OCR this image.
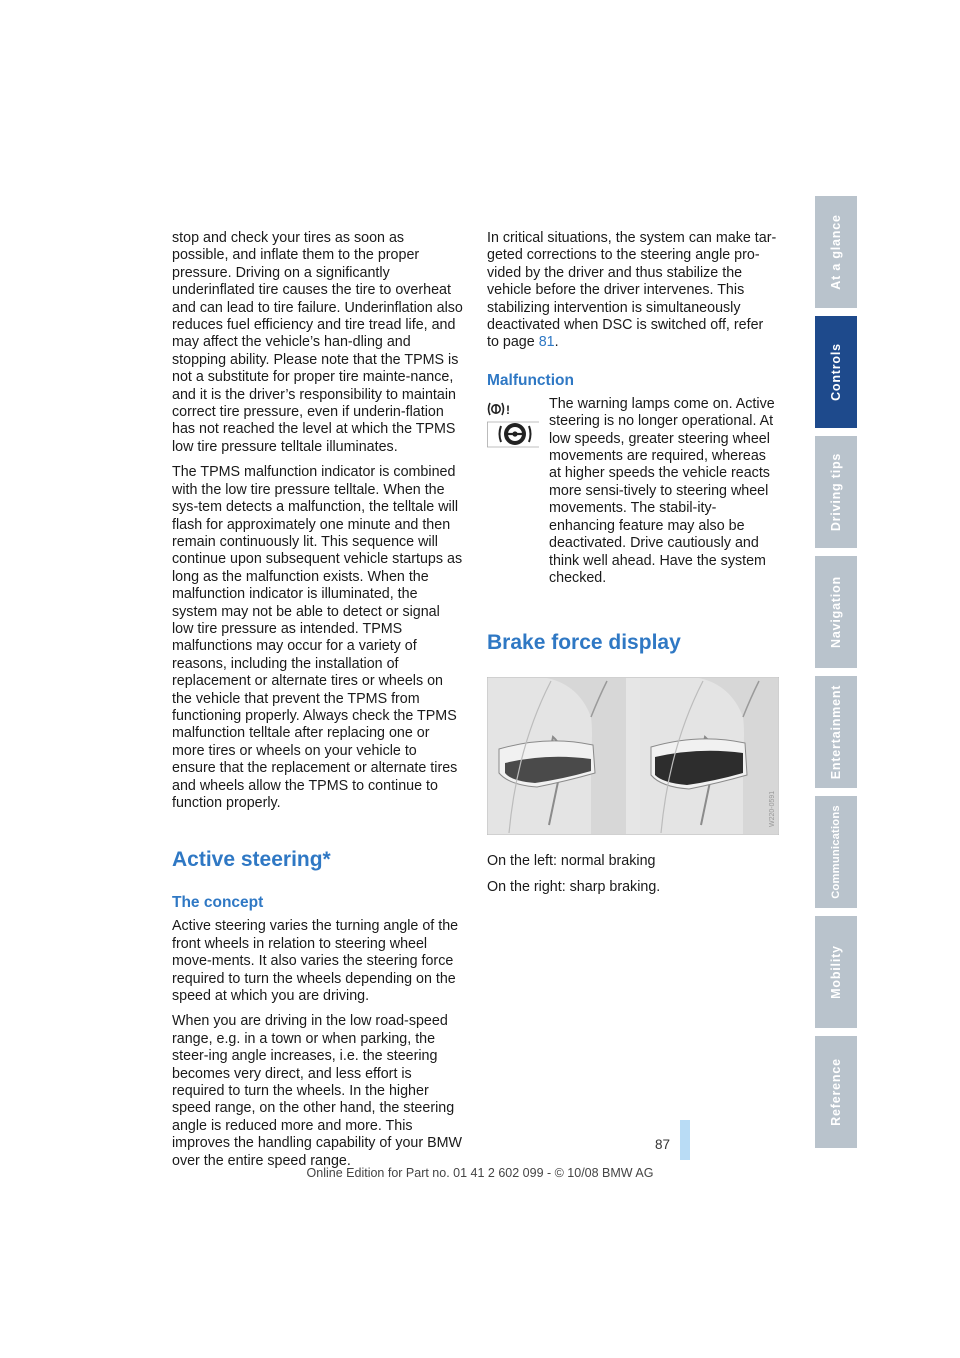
stop and check your tires as soon as possible, and inflate them to the proper pressure. Driving on a significantly underinflated tire causes the tire to overheat and can lead to tire failure. Underinflation also reduces fuel efficiency and tire tread life, and may affect the vehicle’s han-dling and stopping ability. Please note that the TPMS is not a substitute for proper tire mainte-nance, and it is the driver’s responsibility to maintain correct tire pressure, even if underin-flation has not reached the level at which the TPMS low tire pressure telltale illuminates.

The TPMS malfunction indicator is combined with the low tire pressure telltale. When the sys-tem detects a malfunction, the telltale will flash for approximately one minute and then remain continuously lit. This sequence will continue upon subsequent vehicle startups as long as the malfunction exists. When the malfunction indicator is illuminated, the system may not be able to detect or signal low tire pressure as intended. TPMS malfunctions may occur for a variety of reasons, including the installation of replacement or alternate tires or wheels on the vehicle that prevent the TPMS from functioning properly. Always check the TPMS malfunction telltale after replacing one or more tires or wheels on your vehicle to ensure that the replacement or alternate tires and wheels allow the TPMS to continue to function properly.

Active steering*
The concept

Active steering varies the turning angle of the front wheels in relation to steering wheel move-ments. It also varies the steering force required to turn the wheels depending on the speed at which you are driving.

When you are driving in the low road-speed range, e.g. in a town or when parking, the steer-ing angle increases, i.e. the steering becomes very direct, and less effort is required to turn the wheels. In the higher speed range, on the other hand, the steering angle is reduced more and more. This improves the handling capability of your BMW over the entire speed range.

In critical situations, the system can make tar-geted corrections to the steering angle pro-vided by the driver and thus stabilize the vehicle before the driver intervenes. This stabilizing intervention is simultaneously deactivated when DSC is switched off, refer to page 81.

Malfunction
!	The warning lamps come on. Active steering is no longer operational. At low speeds, greater steering wheel movements are required, whereas at higher speeds the vehicle reacts more sensi-tively to steering wheel movements. The stabil-ity-enhancing feature may also be deactivated. Drive cautiously and think well ahead. Have the system checked.

Brake force display
W220-0591

On the left: normal braking

On the right: sharp braking.

At a glance
Controls
Driving tips
Navigation
Entertainment
Communications
Mobility
Reference
87
Online Edition for Part no. 01 41 2 602 099 - © 10/08 BMW AG
